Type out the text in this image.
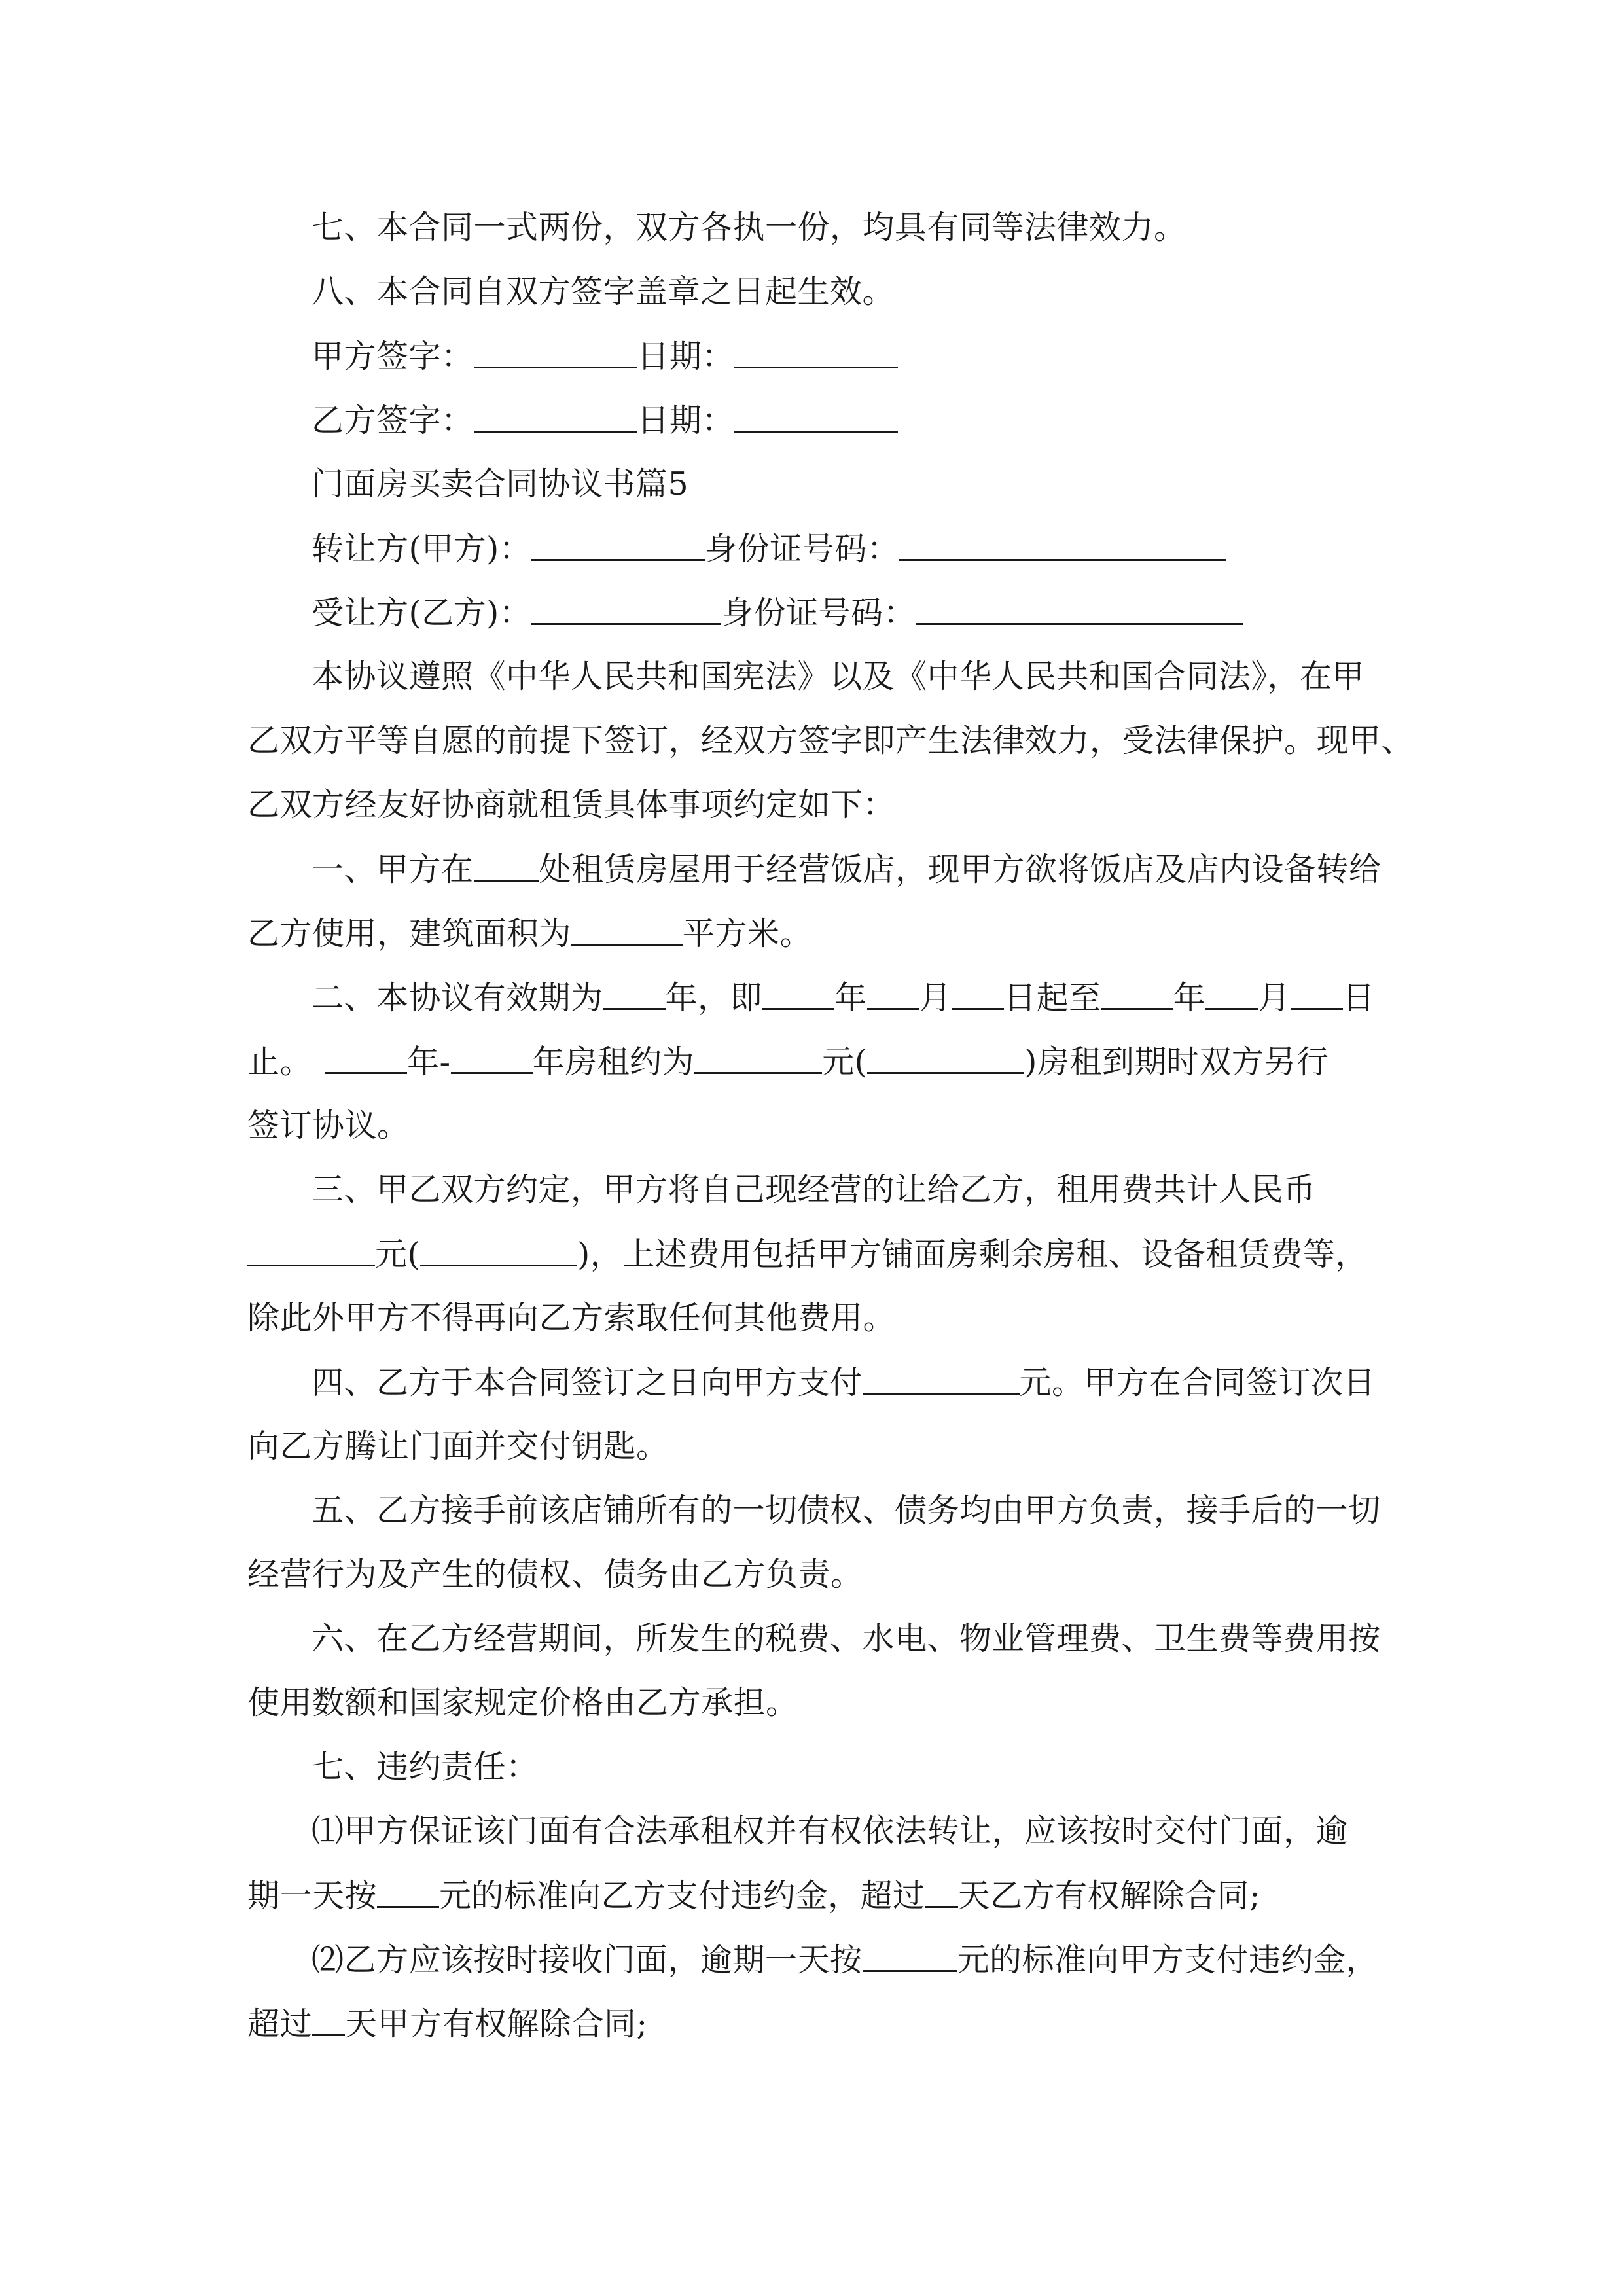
七、本合同一式两份，双方各执一份，均具有同等法律效力。
八、本合同自双方签字盖章之日起生效。
甲方签字：	日期：
乙方签字：	日期：
门面房买卖合同协议书篇5
转让方(甲方)：	身份证号码：
受让方(乙方)：	身份证号码：
本协议遵照《中华人民共和国宪法》以及《中华人民共和国合同法》，在甲
乙双方平等自愿的前提下签订，经双方签字即产生法律效力，受法律保护。现甲、
乙双方经友好协商就租赁具体事项约定如下：
一、甲方在 处租赁房屋用于经营饭店，现甲方欲将饭店及店内设备转给
乙方使用，建筑面积为	平方米。
二、本协议有效期为 年，即 年 月 日起至 年 月 日
止。	年-	年房租约为	元(	)房租到期时双方另行
签订协议。
三、甲乙双方约定，甲方将自己现经营的让给乙方，租用费共计人民币
元(	)，上述费用包括甲方铺面房剩余房租、设备租赁费等，
除此外甲方不得再向乙方索取任何其他费用。
四、乙方于本合同签订之日向甲方支付	元。甲方在合同签订次日
向乙方腾让门面并交付钥匙。
五、乙方接手前该店铺所有的一切债权、债务均由甲方负责，接手后的一切
经营行为及产生的债权、债务由乙方负责。
六、在乙方经营期间，所发生的税费、水电、物业管理费、卫生费等费用按
使用数额和国家规定价格由乙方承担。
七、违约责任：
⑴甲方保证该门面有合法承租权并有权依法转让，应该按时交付门面，逾
期一天按 元的标准向乙方支付违约金，超过 天乙方有权解除合同;
⑵乙方应该按时接收门面，逾期一天按	元的标准向甲方支付违约金，
超过 天甲方有权解除合同;
